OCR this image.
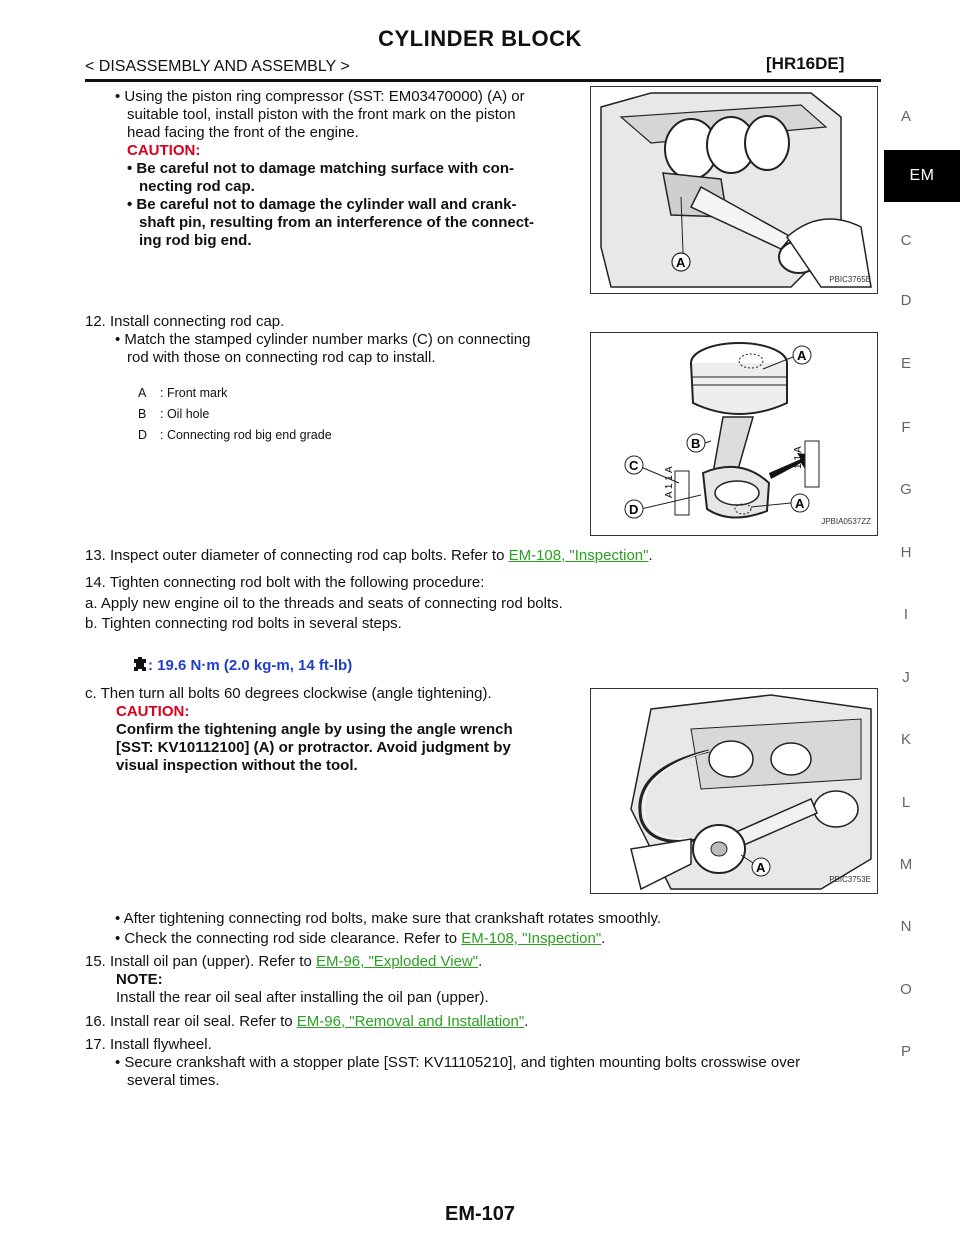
CYLINDER BLOCK
< DISASSEMBLY AND ASSEMBLY >	[HR16DE]
A
C
D
E
F
G
H
I
J
K
L
M
N
O
P
EM
• Using the piston ring compressor (SST: EM03470000) (A) or
suitable tool, install piston with the front mark on the piston
head facing the front of the engine.
CAUTION:
• Be careful not to damage matching surface with con-
necting rod cap.
• Be careful not to damage the cylinder wall and crank-
shaft pin, resulting from an interference of the connect-
ing rod big end.
A
PBIC3765E
12. Install connecting rod cap.
• Match the stamped cylinder number marks (C) on connecting
rod with those on connecting rod cap to install.
A : Front mark
B : Oil hole
D : Connecting rod big end grade
A 1 1 A
1 1 A
A
B
C
D	A
JPBIA0537ZZ
13. Inspect outer diameter of connecting rod cap bolts. Refer to EM-108, "Inspection".
14. Tighten connecting rod bolt with the following procedure:
a. Apply new engine oil to the threads and seats of connecting rod bolts.
b. Tighten connecting rod bolts in several steps.
: 19.6 N·m (2.0 kg-m, 14 ft-lb)
c. Then turn all bolts 60 degrees clockwise (angle tightening).
CAUTION:
Confirm the tightening angle by using the angle wrench
[SST: KV10112100] (A) or protractor. Avoid judgment by
visual inspection without the tool.
A
PBIC3753E
• After tightening connecting rod bolts, make sure that crankshaft rotates smoothly.
• Check the connecting rod side clearance. Refer to EM-108, "Inspection".
15. Install oil pan (upper). Refer to EM-96, "Exploded View".
NOTE:
Install the rear oil seal after installing the oil pan (upper).
16. Install rear oil seal. Refer to EM-96, "Removal and Installation".
17. Install flywheel.
• Secure crankshaft with a stopper plate [SST: KV11105210], and tighten mounting bolts crosswise over
several times.
EM-107
